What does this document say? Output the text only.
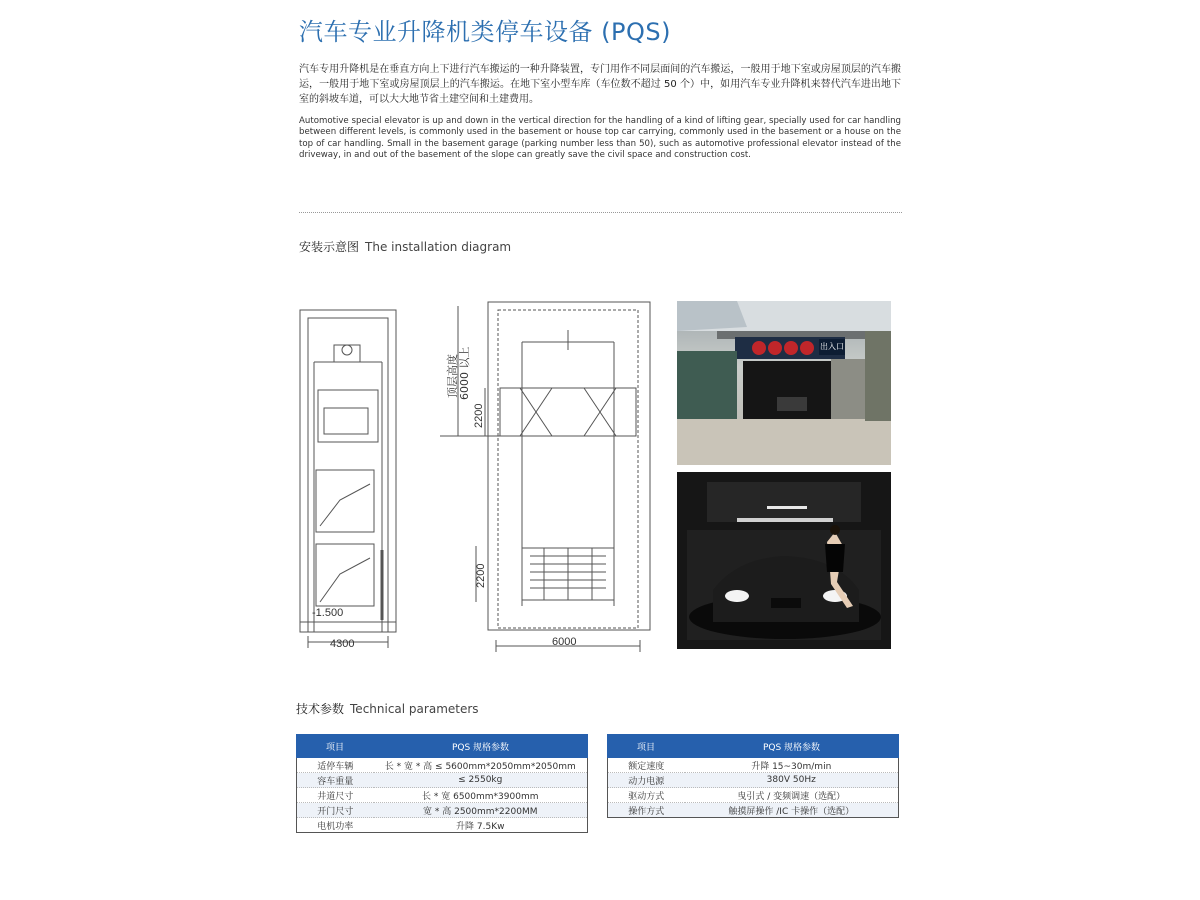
汽车专业升降机类停车设备 (PQS)
汽车专用升降机是在垂直方向上下进行汽车搬运的一种升降装置，专门用作不同层面间的汽车搬运，一般用于地下室或房屋顶层的汽车搬运，一般用于地下室或房屋顶层上的汽车搬运。在地下室小型车库（车位数不超过 50 个）中，如用汽车专业升降机来替代汽车进出地下室的斜坡车道，可以大大地节省土建空间和土建费用。
Automotive special elevator is up and down in the vertical direction for the handling of a kind of lifting gear, specially used for car handling between different levels, is commonly used in the basement or house top car carrying, commonly used in the basement or a house on the top of car handling. Small in the basement garage (parking number less than 50), such as automotive professional elevator instead of the driveway, in and out of the basement of the slope can greatly save the civil space and construction cost.
安装示意图 The installation diagram
4300
-1.500
6000
顶层高度 6000 以上
2200
2200
出入口
技术参数 Technical parameters
项目	PQS 规格参数
适停车辆	长 * 宽 * 高 ≤ 5600mm*2050mm*2050mm
容车重量	≤ 2550kg
井道尺寸	长 * 宽 6500mm*3900mm
开门尺寸	宽 * 高 2500mm*2200MM
电机功率	升降 7.5Kw
项目	PQS 规格参数
额定速度	升降 15~30m/min
动力电源	380V 50Hz
驱动方式	曳引式 / 变频调速（选配）
操作方式	触摸屏操作 /IC 卡操作（选配）
